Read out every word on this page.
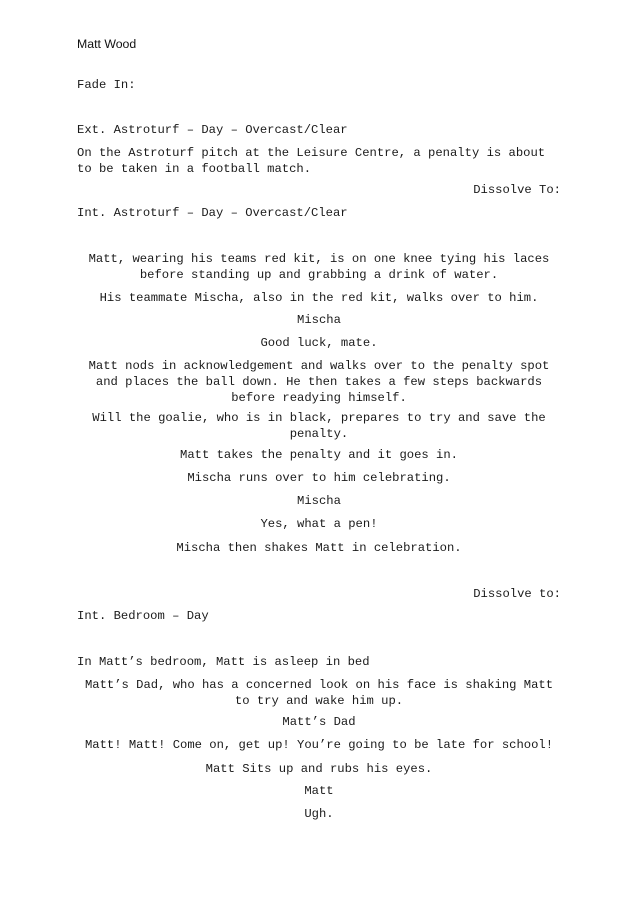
Matt Wood
Fade In:
Ext. Astroturf – Day – Overcast/Clear
On the Astroturf pitch at the Leisure Centre, a penalty is about to be taken in a football match.
Dissolve To:
Int. Astroturf – Day – Overcast/Clear
Matt, wearing his teams red kit, is on one knee tying his laces before standing up and grabbing a drink of water.
His teammate Mischa, also in the red kit, walks over to him.
Mischa
Good luck, mate.
Matt nods in acknowledgement and walks over to the penalty spot and places the ball down. He then takes a few steps backwards before readying himself.
Will the goalie, who is in black, prepares to try and save the penalty.
Matt takes the penalty and it goes in.
Mischa runs over to him celebrating.
Mischa
Yes, what a pen!
Mischa then shakes Matt in celebration.
Dissolve to:
Int. Bedroom – Day
In Matt’s bedroom, Matt is asleep in bed
Matt’s Dad, who has a concerned look on his face is shaking Matt to try and wake him up.
Matt’s Dad
Matt! Matt! Come on, get up! You’re going to be late for school!
Matt Sits up and rubs his eyes.
Matt
Ugh.
